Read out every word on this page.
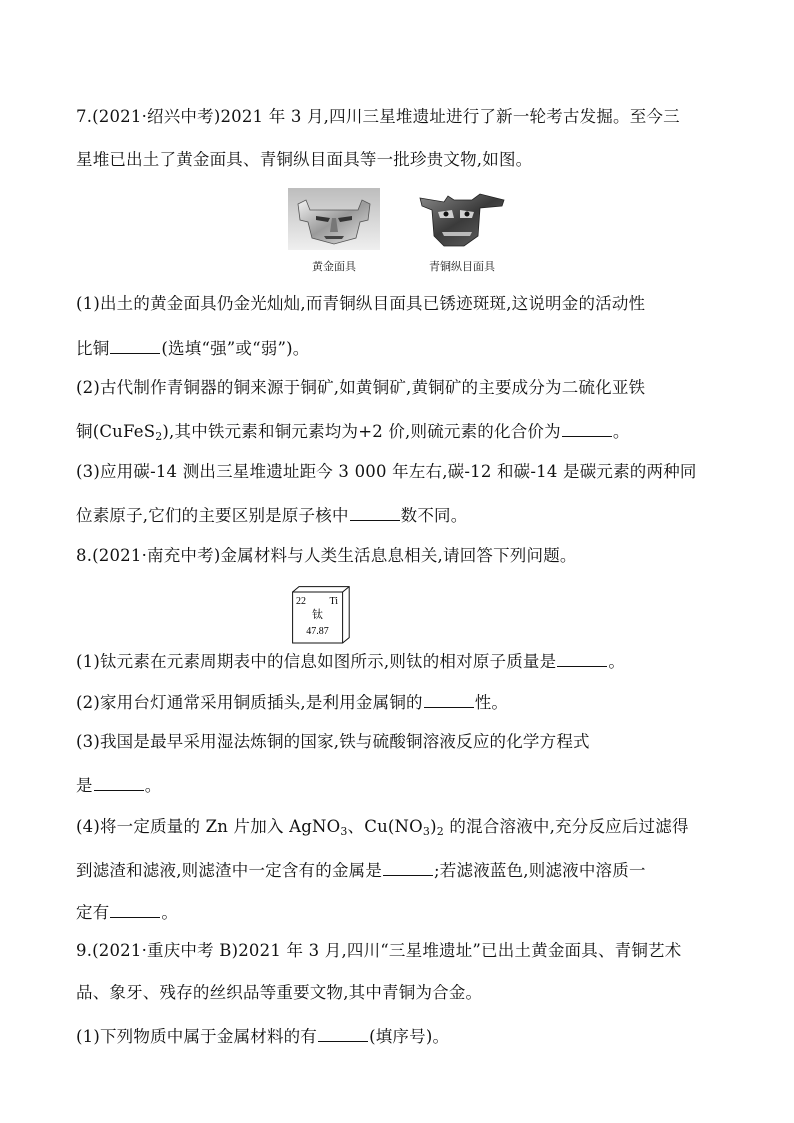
7.(2021·绍兴中考)2021 年 3 月,四川三星堆遗址进行了新一轮考古发掘。至今三
星堆已出土了黄金面具、青铜纵目面具等一批珍贵文物,如图。
黄金面具	青铜纵目面具
(1)出土的黄金面具仍金光灿灿,而青铜纵目面具已锈迹斑斑,这说明金的活动性
比铜	(选填“强”或“弱”)。
(2)古代制作青铜器的铜来源于铜矿,如黄铜矿,黄铜矿的主要成分为二硫化亚铁
铜(CuFeS$_2$),其中铁元素和铜元素均为+2 价,则硫元素的化合价为	。
(3)应用碳-14 测出三星堆遗址距今 3 000 年左右,碳-12 和碳-14 是碳元素的两种同
位素原子,它们的主要区别是原子核中	数不同。
8.(2021·南充中考)金属材料与人类生活息息相关,请回答下列问题。
22 Ti
钛
47.87
(1)钛元素在元素周期表中的信息如图所示,则钛的相对原子质量是	。
(2)家用台灯通常采用铜质插头,是利用金属铜的	性。
(3)我国是最早采用湿法炼铜的国家,铁与硫酸铜溶液反应的化学方程式
是	。
(4)将一定质量的 Zn 片加入 AgNO$_3$、$Cu(NO_3)_2$ 的混合溶液中,充分反应后过滤得
到滤渣和滤液,则滤渣中一定含有的金属是	;若滤液蓝色,则滤液中溶质一
定有	。
9.(2021·重庆中考 B)2021 年 3 月,四川“三星堆遗址”已出土黄金面具、青铜艺术
品、象牙、残存的丝织品等重要文物,其中青铜为合金。
(1)下列物质中属于金属材料的有	(填序号)。
